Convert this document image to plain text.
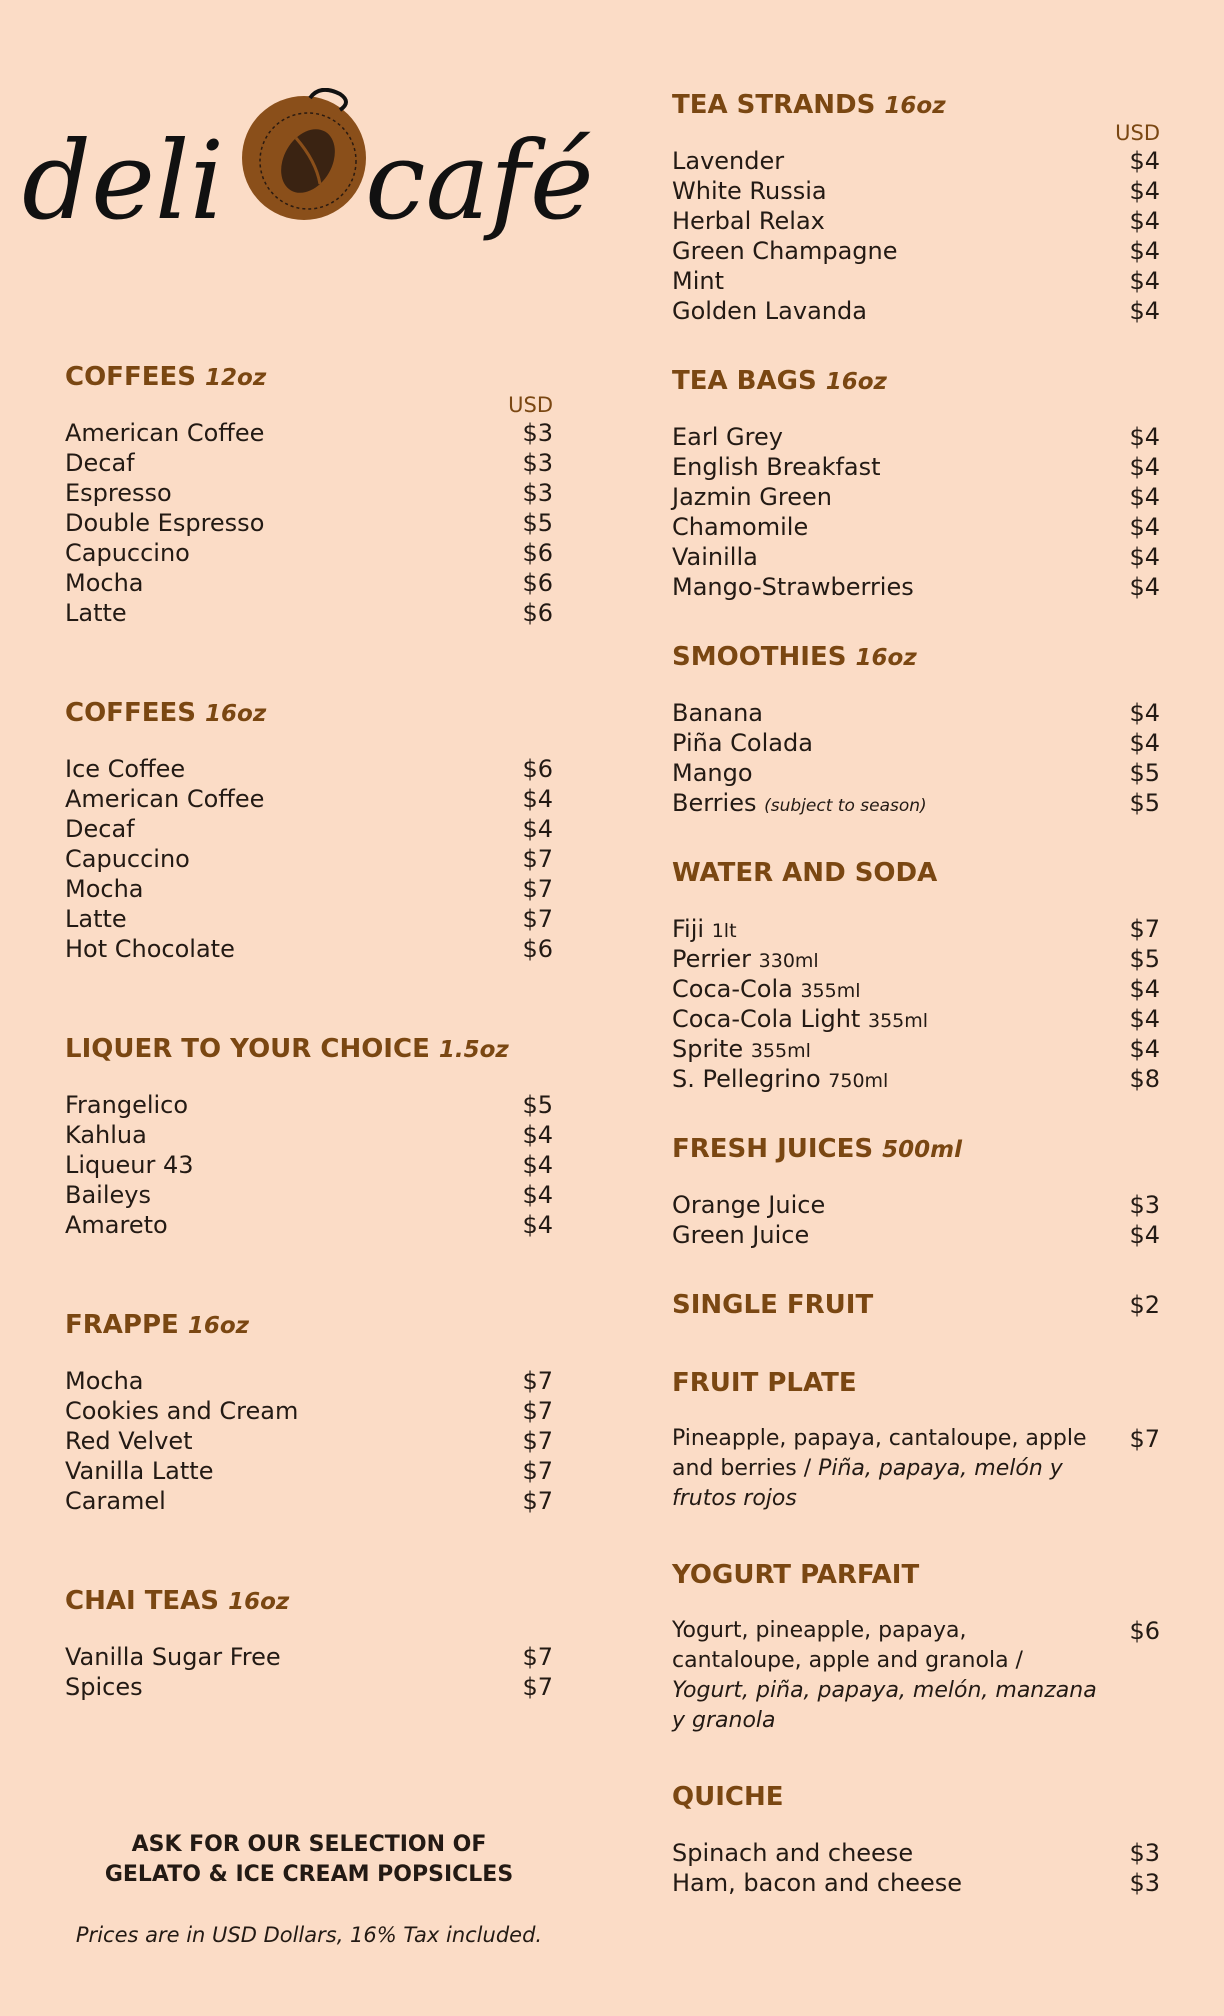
deli café
COFFEES 12oz
USD
American Coffee	$3
Decaf	$3
Espresso	$3
Double Espresso	$5
Capuccino	$6
Mocha	$6
Latte	$6
COFFEES 16oz
Ice Coffee	$6
American Coffee	$4
Decaf	$4
Capuccino	$7
Mocha	$7
Latte	$7
Hot Chocolate	$6
LIQUER TO YOUR CHOICE 1.5oz
Frangelico	$5
Kahlua	$4
Liqueur 43	$4
Baileys	$4
Amareto	$4
FRAPPE 16oz
Mocha	$7
Cookies and Cream	$7
Red Velvet	$7
Vanilla Latte	$7
Caramel	$7
CHAI TEAS 16oz
Vanilla Sugar Free	$7
Spices	$7
ASK FOR OUR SELECTION OF
GELATO & ICE CREAM POPSICLES
Prices are in USD Dollars, 16% Tax included.
TEA STRANDS 16oz
USD
Lavender	$4
White Russia	$4
Herbal Relax	$4
Green Champagne	$4
Mint	$4
Golden Lavanda	$4
TEA BAGS 16oz
Earl Grey	$4
English Breakfast	$4
Jazmin Green	$4
Chamomile	$4
Vainilla	$4
Mango-Strawberries	$4
SMOOTHIES 16oz
Banana	$4
Piña Colada	$4
Mango	$5
Berries (subject to season)	$5
WATER AND SODA
Fiji 1lt	$7
Perrier 330ml	$5
Coca-Cola 355ml	$4
Coca-Cola Light 355ml	$4
Sprite 355ml	$4
S. Pellegrino 750ml	$8
FRESH JUICES 500ml
Orange Juice	$3
Green Juice	$4
SINGLE FRUIT	$2
FRUIT PLATE
Pineapple, papaya, cantaloupe, apple and berries / Piña, papaya, melón y frutos rojos
$7
YOGURT PARFAIT
Yogurt, pineapple, papaya, cantaloupe, apple and granola / Yogurt, piña, papaya, melón, manzana y granola
$6
QUICHE
Spinach and cheese	$3
Ham, bacon and cheese	$3
